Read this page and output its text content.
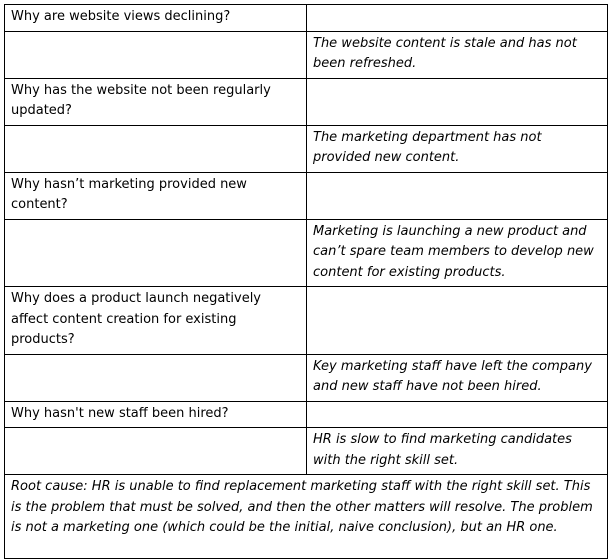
Why are website views declining?	

	The website content is stale and has not been refreshed.

Why has the website not been regularly updated?	

	The marketing department has not provided new content.

Why hasn’t marketing provided new content?	

	Marketing is launching a new product and can’t spare team members to develop new content for existing products.

Why does a product launch negatively affect content creation for existing products?	

	Key marketing staff have left the company and new staff have not been hired.

Why hasn't new staff been hired?	

	HR is slow to find marketing candidates with the right skill set.

Root cause: HR is unable to find replacement marketing staff with the right skill set. This is the problem that must be solved, and then the other matters will resolve. The problem is not a marketing one (which could be the initial, naive conclusion), but an HR one.	
